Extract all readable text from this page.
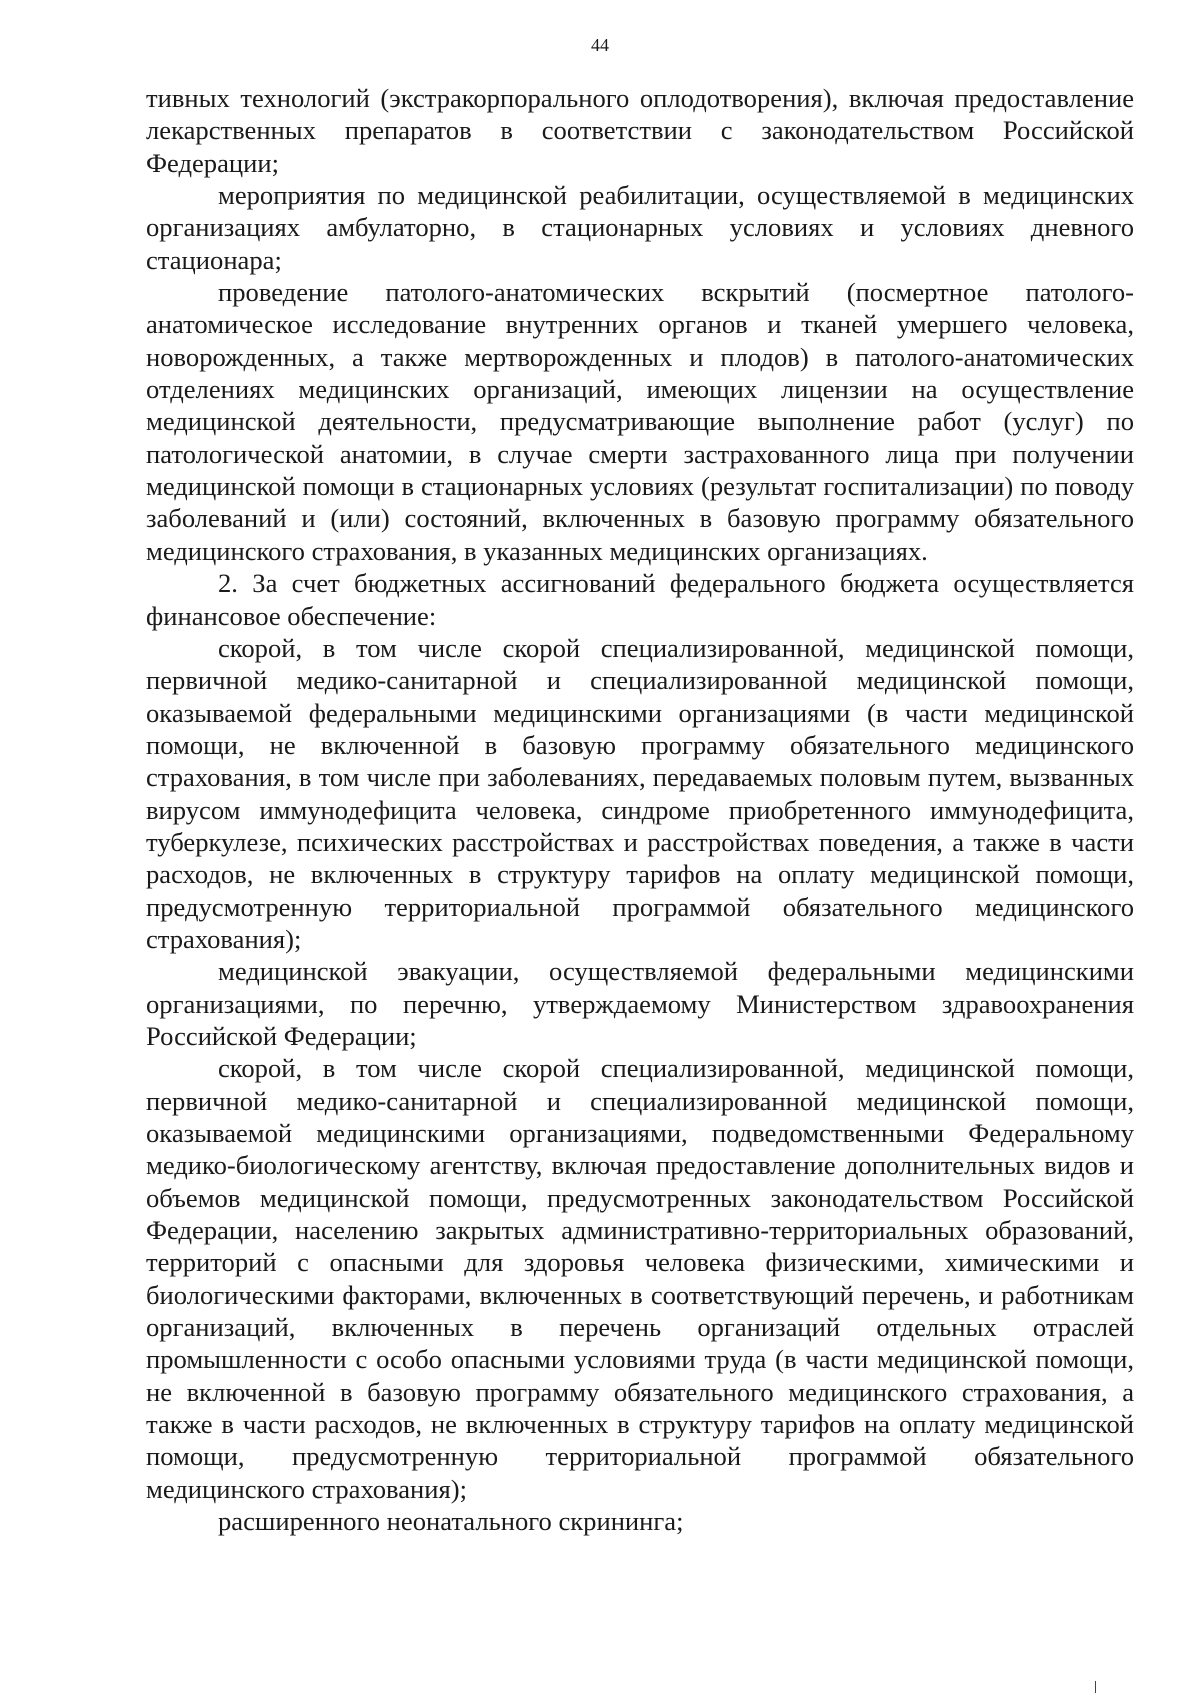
44

тивных технологий (экстракорпорального оплодотворения), включая предоставление лекарственных препаратов в соответствии с законодательством Российской Федерации;

мероприятия по медицинской реабилитации, осуществляемой в медицинских организациях амбулаторно, в стационарных условиях и условиях дневного стационара;

проведение патолого-анатомических вскрытий (посмертное патолого-анатомическое исследование внутренних органов и тканей умершего человека, новорожденных, а также мертворожденных и плодов) в патолого-анатомических отделениях медицинских организаций, имеющих лицензии на осуществление медицинской деятельности, предусматривающие выполнение работ (услуг) по патологической анатомии, в случае смерти застрахованного лица при получении медицинской помощи в стационарных условиях (результат госпитализации) по поводу заболеваний и (или) состояний, включенных в базовую программу обязательного медицинского страхования, в указанных медицинских организациях.

2. За счет бюджетных ассигнований федерального бюджета осуществляется финансовое обеспечение:

скорой, в том числе скорой специализированной, медицинской помощи, первичной медико-санитарной и специализированной медицинской помощи, оказываемой федеральными медицинскими организациями (в части медицинской помощи, не включенной в базовую программу обязательного медицинского страхования, в том числе при заболеваниях, передаваемых половым путем, вызванных вирусом иммунодефицита человека, синдроме приобретенного иммунодефицита, туберкулезе, психических расстройствах и расстройствах поведения, а также в части расходов, не включенных в структуру тарифов на оплату медицинской помощи, предусмотренную территориальной программой обязательного медицинского страхования);

медицинской эвакуации, осуществляемой федеральными медицинскими организациями, по перечню, утверждаемому Министерством здравоохранения Российской Федерации;

скорой, в том числе скорой специализированной, медицинской помощи, первичной медико-санитарной и специализированной медицинской помощи, оказываемой медицинскими организациями, подведомственными Федеральному медико-биологическому агентству, включая предоставление дополнительных видов и объемов медицинской помощи, предусмотренных законодательством Российской Федерации, населению закрытых административно-территориальных образований, территорий с опасными для здоровья человека физическими, химическими и биологическими факторами, включенных в соответствующий перечень, и работникам организаций, включенных в перечень организаций отдельных отраслей промышленности с особо опасными условиями труда (в части медицинской помощи, не включенной в базовую программу обязательного медицинского страхования, а также в части расходов, не включенных в структуру тарифов на оплату медицинской помощи, предусмотренную территориальной программой обязательного медицинского страхования);

расширенного неонатального скрининга;
